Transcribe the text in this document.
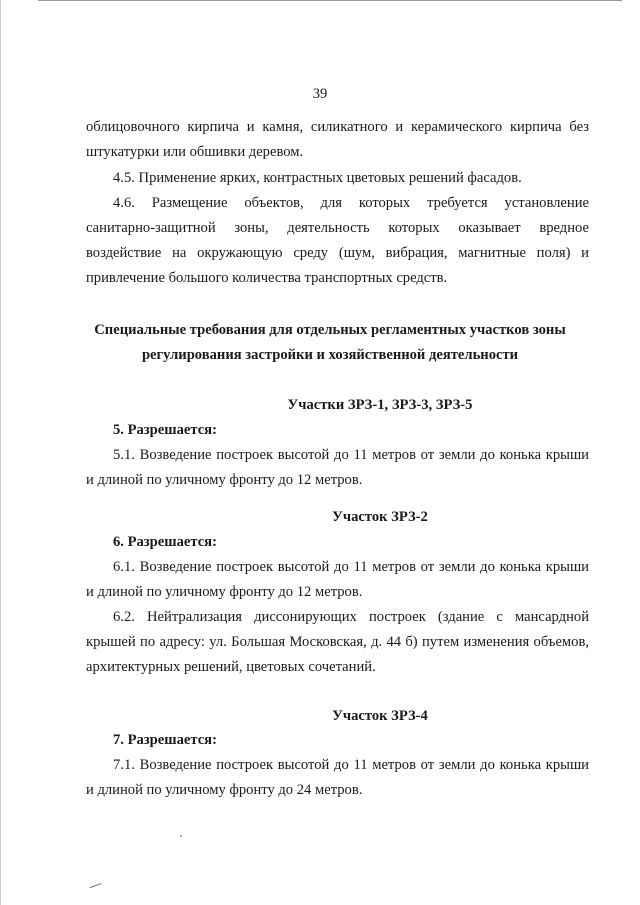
39
облицовочного кирпича и камня, силикатного и керамического кирпича без
штукатурки или обшивки деревом.
4.5. Применение ярких, контрастных цветовых решений фасадов.
4.6. Размещение объектов, для которых требуется установление
санитарно-защитной зоны, деятельность которых оказывает вредное
воздействие на окружающую среду (шум, вибрация, магнитные поля) и
привлечение большого количества транспортных средств.
Специальные требования для отдельных регламентных участков зоны
регулирования застройки и хозяйственной деятельности
Участки ЗРЗ-1, ЗРЗ-3, ЗРЗ-5
5. Разрешается:
5.1. Возведение построек высотой до 11 метров от земли до конька крыши
и длиной по уличному фронту до 12 метров.
Участок ЗРЗ-2
6. Разрешается:
6.1. Возведение построек высотой до 11 метров от земли до конька крыши
и длиной по уличному фронту до 12 метров.
6.2. Нейтрализация диссонирующих построек (здание с мансардной
крышей по адресу: ул. Большая Московская, д. 44 б) путем изменения объемов,
архитектурных решений, цветовых сочетаний.
Участок ЗРЗ-4
7. Разрешается:
7.1. Возведение построек высотой до 11 метров от земли до конька крыши
и длиной по уличному фронту до 24 метров.
